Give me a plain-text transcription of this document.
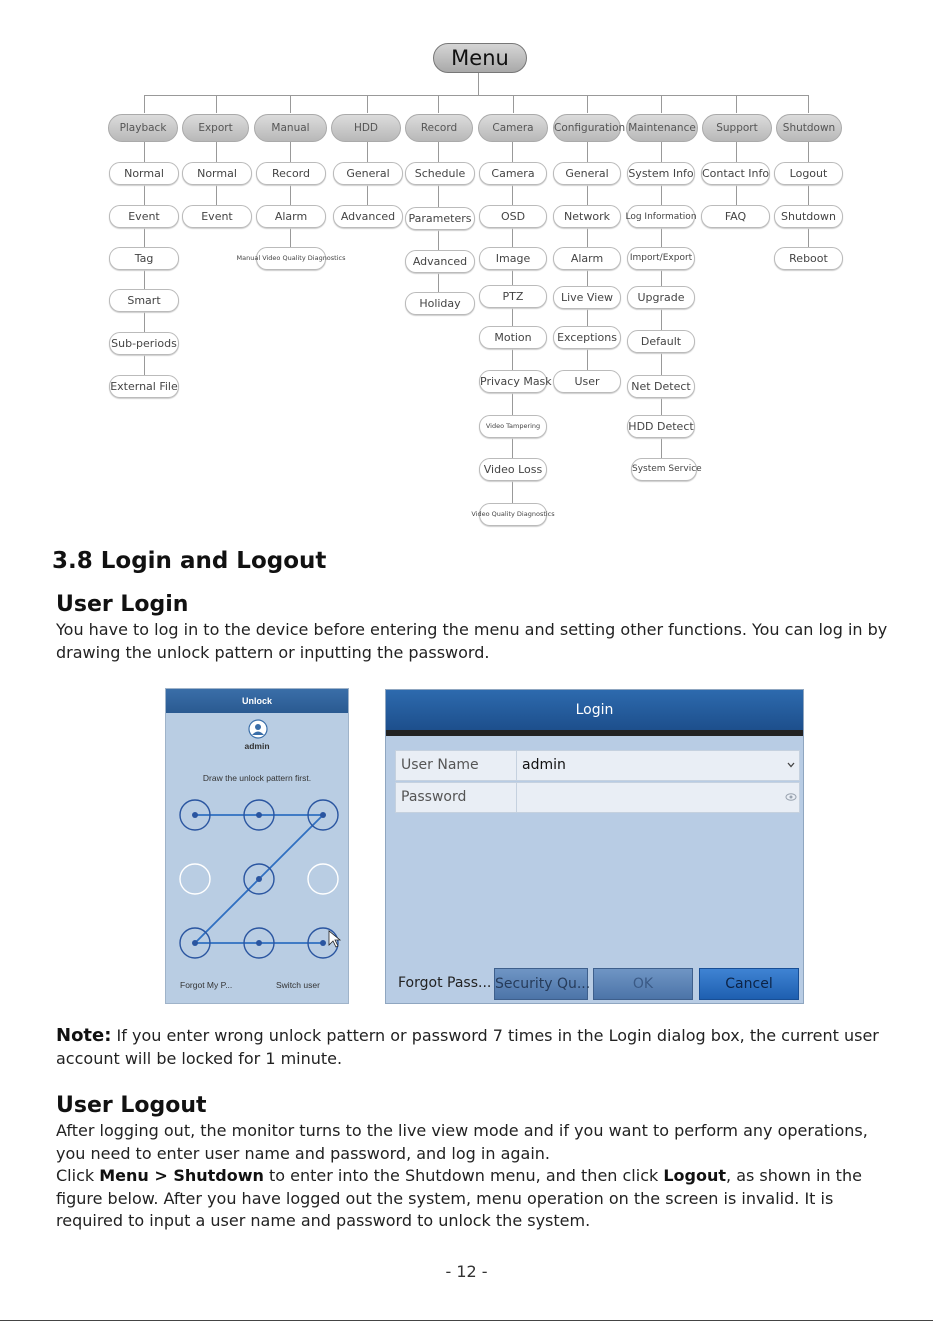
Menu
Playback	Export	Manual	HDD	Record	Camera	Configuration Maintenance	Support	Shutdown
Normal
Event
Tag
Smart
Sub-periods
External File
Normal
Event
Record
Alarm
Manual Video Quality Diagnostics
General
Advanced
Schedule
Parameters
Advanced
Holiday
Camera
OSD
Image
PTZ
Motion
Privacy Mask
Video Tampering
Video Loss
Video Quality Diagnostics
General
Network
Alarm
Live View
Exceptions
User
System Info
Log Information
Import/Export
Upgrade
Default
Net Detect
HDD Detect
System Service
Contact Info
FAQ
Logout
Shutdown
Reboot
3.8 Login and Logout
User Login
You have to log in to the device before entering the menu and setting other functions. You can log in by drawing the unlock pattern or inputting the password.
Unlock
admin
Draw the unlock pattern first.
Forgot My P...	Switch user
Login
User Name	admin
Password
Forgot Pass... Security Qu...	OK	Cancel
Note: If you enter wrong unlock pattern or password 7 times in the Login dialog box, the current user account will be locked for 1 minute.
User Logout
After logging out, the monitor turns to the live view mode and if you want to perform any operations, you need to enter user name and password, and log in again.
Click Menu > Shutdown to enter into the Shutdown menu, and then click Logout, as shown in the figure below. After you have logged out the system, menu operation on the screen is invalid. It is required to input a user name and password to unlock the system.
- 12 -
